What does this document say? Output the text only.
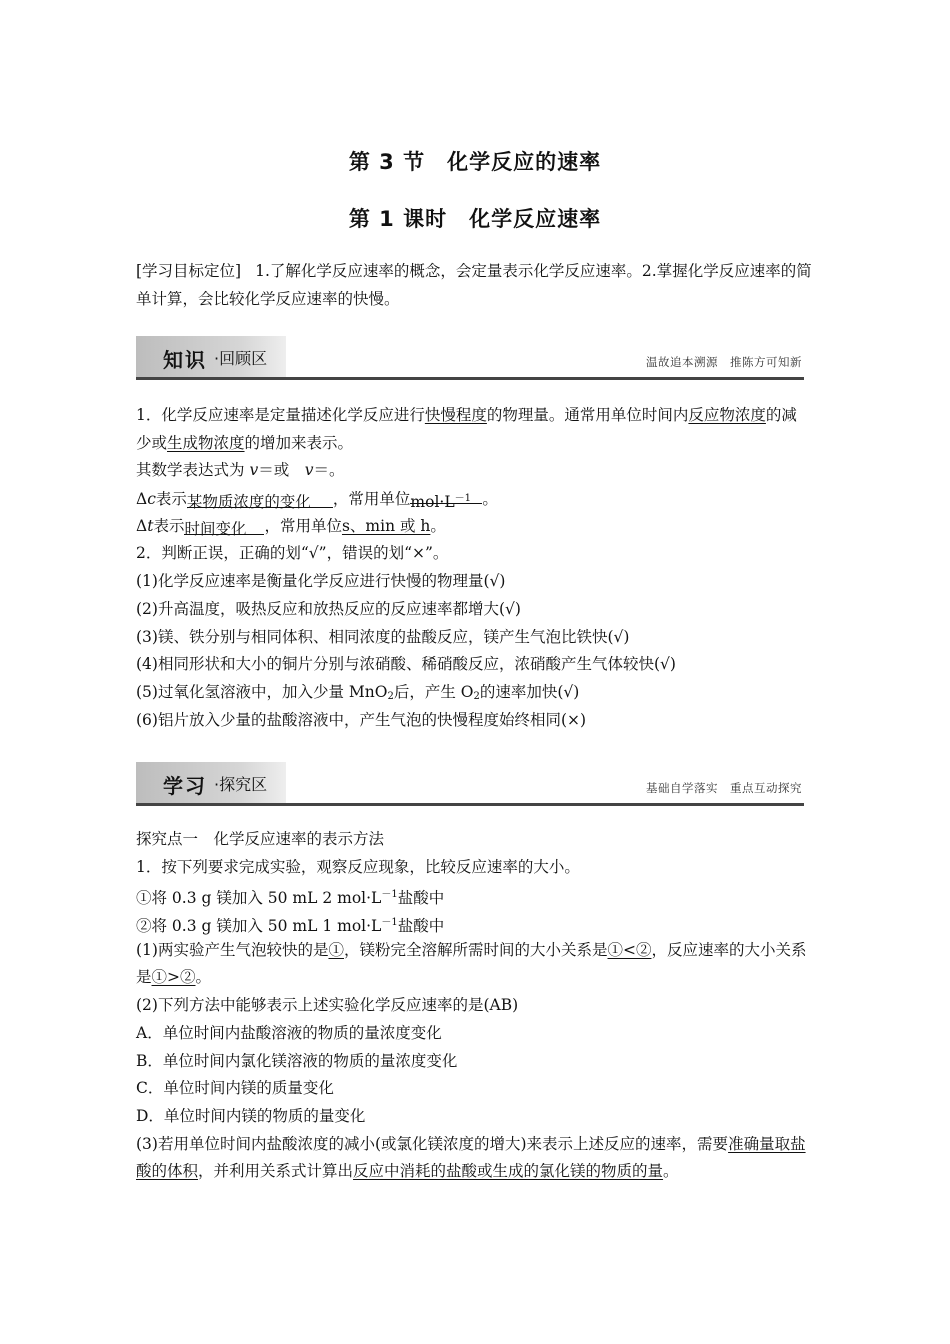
第 3 节　化学反应的速率
第 1 课时　化学反应速率
[学习目标定位] 1.了解化学反应速率的概念，会定量表示化学反应速率。2.掌握化学反应速率的简单计算，会比较化学反应速率的快慢。
知识 ·回顾区	温故追本溯源　推陈方可知新
1．化学反应速率是定量描述化学反应进行快慢程度的物理量。通常用单位时间内反应物浓度的减少或生成物浓度的增加来表示。
其数学表达式为 v＝或　v＝。
Δc表示某物质浓度的变化 ，常用单位$mol\cdot L^{-1}$ 。
Δt表示时间变化 ，常用单位s、min 或 h。
2．判断正误，正确的划“√”，错误的划“×”。
(1)化学反应速率是衡量化学反应进行快慢的物理量(√)
(2)升高温度，吸热反应和放热反应的反应速率都增大(√)
(3)镁、铁分别与相同体积、相同浓度的盐酸反应，镁产生气泡比铁快(√)
(4)相同形状和大小的铜片分别与浓硝酸、稀硝酸反应，浓硝酸产生气体较快(√)
(5)过氧化氢溶液中，加入少量 MnO$_2$后，产生 $O_2$的速率加快(√)
(6)铝片放入少量的盐酸溶液中，产生气泡的快慢程度始终相同(×)
学习 ·探究区	基础自学落实　重点互动探究
探究点一　化学反应速率的表示方法
1．按下列要求完成实验，观察反应现象，比较反应速率的大小。
①将 0.3 g 镁加入 50 mL 2 $mol\cdot L^{-1}$盐酸中
②将 0.3 g 镁加入 50 mL 1 $mol\cdot L^{-1}$盐酸中
(1)两实验产生气泡较快的是①，镁粉完全溶解所需时间的大小关系是①<②，反应速率的大小关系是①>②。
(2)下列方法中能够表示上述实验化学反应速率的是(AB)
A．单位时间内盐酸溶液的物质的量浓度变化
B．单位时间内氯化镁溶液的物质的量浓度变化
C．单位时间内镁的质量变化
D．单位时间内镁的物质的量变化
(3)若用单位时间内盐酸浓度的减小(或氯化镁浓度的增大)来表示上述反应的速率，需要准确量取盐酸的体积，并利用关系式计算出反应中消耗的盐酸或生成的氯化镁的物质的量。
